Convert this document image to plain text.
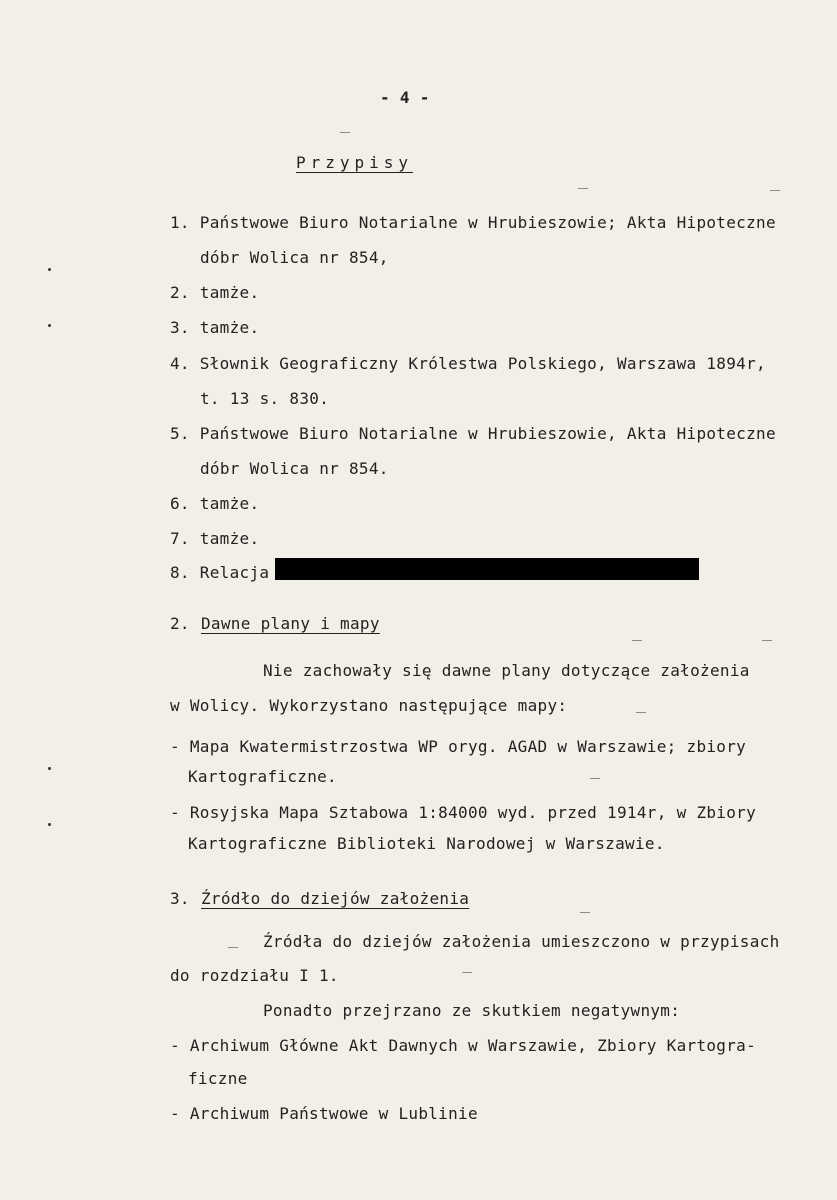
- 4 -
Przypisy
1. Państwowe Biuro Notarialne w Hrubieszowie; Akta Hipoteczne
dóbr Wolica nr 854,
2. tamże.
3. tamże.
4. Słownik Geograficzny Królestwa Polskiego, Warszawa 1894r,
t. 13 s. 830.
5. Państwowe Biuro Notarialne w Hrubieszowie, Akta Hipoteczne
dóbr Wolica nr 854.
6. tamże.
7. tamże.
8. Relacja
2. Dawne plany i mapy
Nie zachowały się dawne plany dotyczące założenia
w Wolicy. Wykorzystano następujące mapy:
- Mapa Kwatermistrzostwa WP oryg. AGAD w Warszawie; zbiory
Kartograficzne.
- Rosyjska Mapa Sztabowa 1:84000 wyd. przed 1914r, w Zbiory
Kartograficzne Biblioteki Narodowej w Warszawie.
3. Źródło do dziejów założenia
Źródła do dziejów założenia umieszczono w przypisach
do rozdziału I 1.
Ponadto przejrzano ze skutkiem negatywnym:
- Archiwum Główne Akt Dawnych w Warszawie, Zbiory Kartogra-
ficzne
- Archiwum Państwowe w Lublinie
